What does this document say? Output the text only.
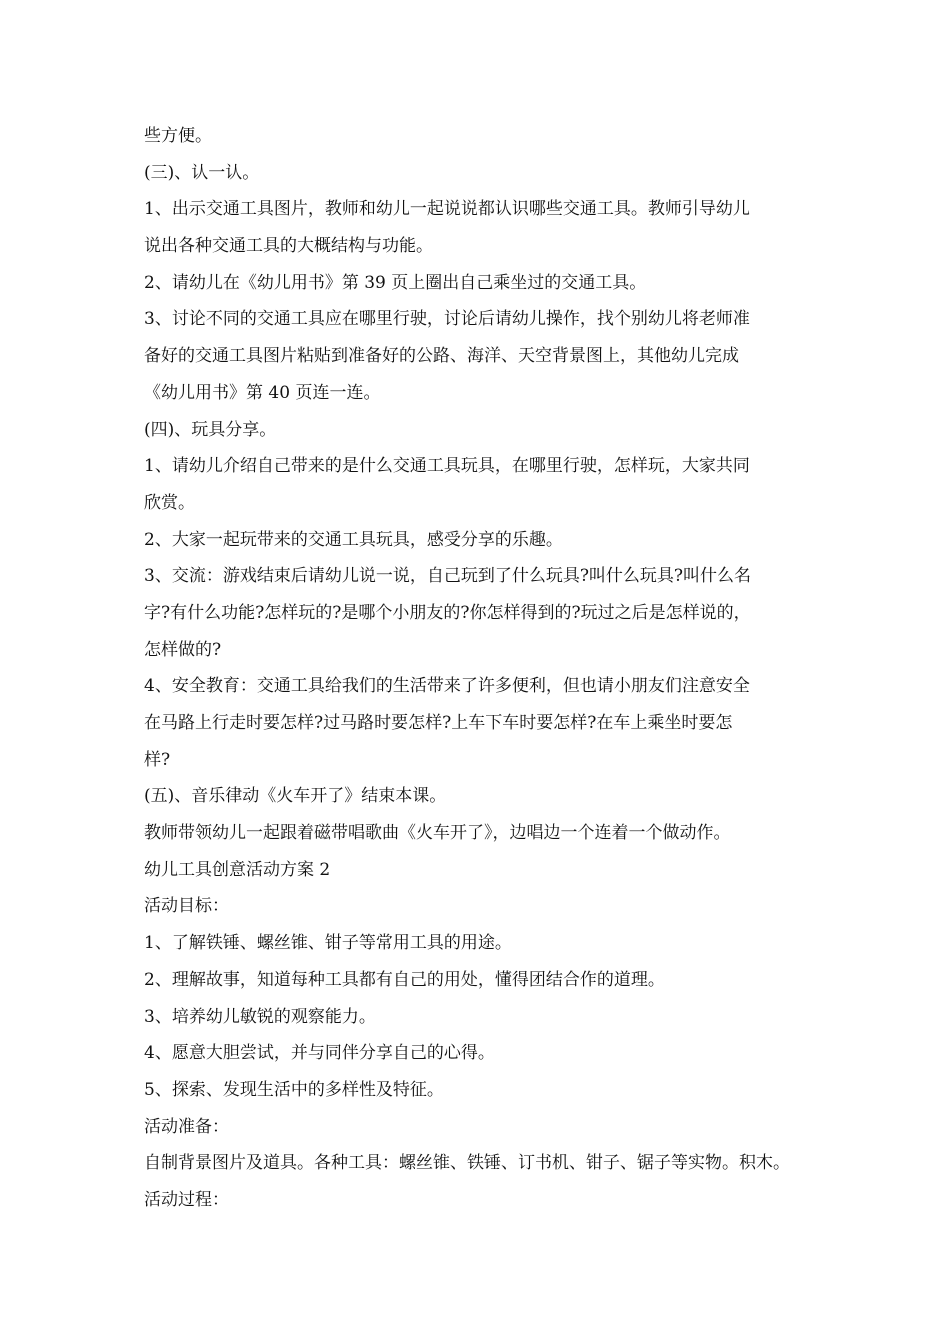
些方便。
(三)、认一认。
1、出示交通工具图片，教师和幼儿一起说说都认识哪些交通工具。教师引导幼儿
说出各种交通工具的大概结构与功能。
2、请幼儿在《幼儿用书》第 39 页上圈出自己乘坐过的交通工具。
3、讨论不同的交通工具应在哪里行驶，讨论后请幼儿操作，找个别幼儿将老师准
备好的交通工具图片粘贴到准备好的公路、海洋、天空背景图上，其他幼儿完成
《幼儿用书》第 40 页连一连。
(四)、玩具分享。
1、请幼儿介绍自己带来的是什么交通工具玩具，在哪里行驶，怎样玩，大家共同
欣赏。
2、大家一起玩带来的交通工具玩具，感受分享的乐趣。
3、交流：游戏结束后请幼儿说一说，自己玩到了什么玩具?叫什么玩具?叫什么名
字?有什么功能?怎样玩的?是哪个小朋友的?你怎样得到的?玩过之后是怎样说的，
怎样做的?
4、安全教育：交通工具给我们的生活带来了许多便利，但也请小朋友们注意安全
在马路上行走时要怎样?过马路时要怎样?上车下车时要怎样?在车上乘坐时要怎
样?
(五)、音乐律动《火车开了》结束本课。
教师带领幼儿一起跟着磁带唱歌曲《火车开了》，边唱边一个连着一个做动作。
幼儿工具创意活动方案 2
活动目标：
1、了解铁锤、螺丝锥、钳子等常用工具的用途。
2、理解故事，知道每种工具都有自己的用处，懂得团结合作的道理。
3、培养幼儿敏锐的观察能力。
4、愿意大胆尝试，并与同伴分享自己的心得。
5、探索、发现生活中的多样性及特征。
活动准备：
自制背景图片及道具。各种工具：螺丝锥、铁锤、订书机、钳子、锯子等实物。积木。
活动过程：
